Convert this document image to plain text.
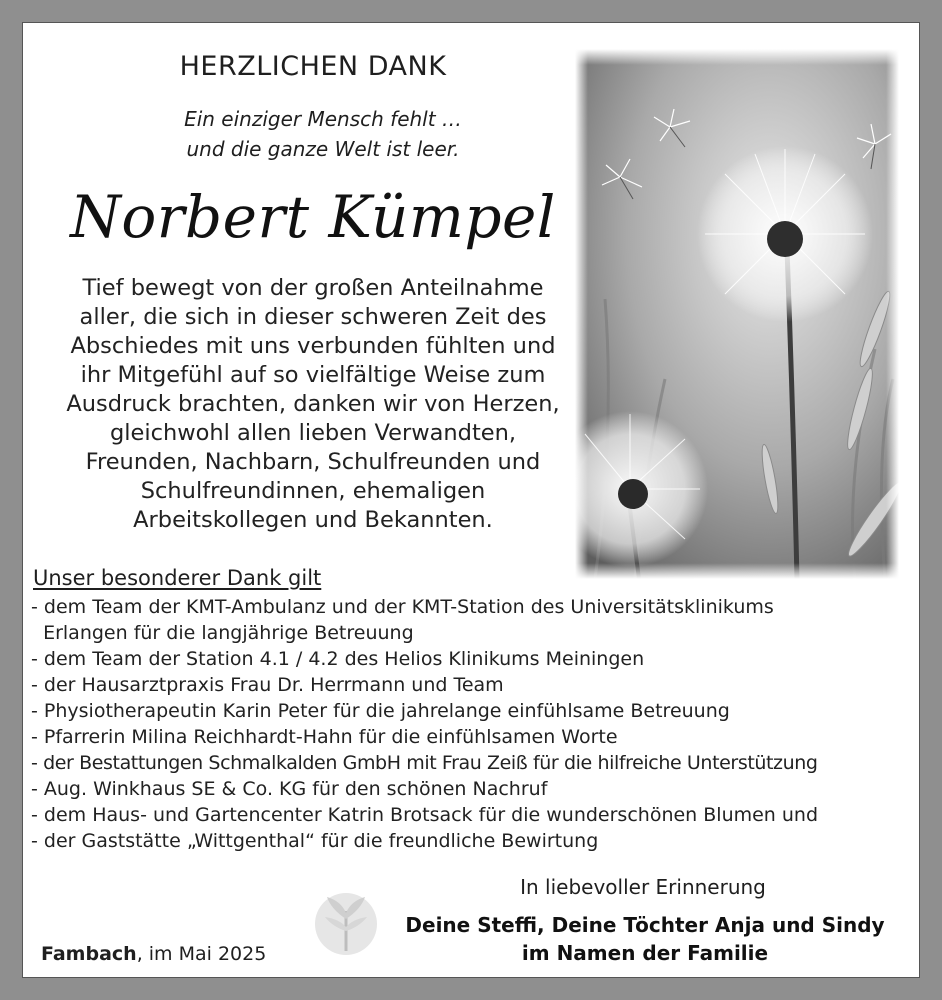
HERZLICHEN DANK

Ein einziger Mensch fehlt …

und die ganze Welt ist leer.

Norbert Kümpel

Tief bewegt von der großen Anteilnahme

aller, die sich in dieser schweren Zeit des

Abschiedes mit uns verbunden fühlten und

ihr Mitgefühl auf so vielfältige Weise zum

Ausdruck brachten, danken wir von Herzen,

gleichwohl allen lieben Verwandten,

Freunden, Nachbarn, Schulfreunden und

Schulfreundinnen, ehemaligen

Arbeitskollegen und Bekannten.

Unser besonderer Dank gilt

- dem Team der KMT-Ambulanz und der KMT-Station des Universitätsklinikums

Erlangen für die langjährige Betreuung

- dem Team der Station 4.1 / 4.2 des Helios Klinikums Meiningen

- der Hausarztpraxis Frau Dr. Herrmann und Team

- Physiotherapeutin Karin Peter für die jahrelange einfühlsame Betreuung

- Pfarrerin Milina Reichhardt-Hahn für die einfühlsamen Worte

- der Bestattungen Schmalkalden GmbH mit Frau Zeiß für die hilfreiche Unterstützung

- Aug. Winkhaus SE & Co. KG für den schönen Nachruf

- dem Haus- und Gartencenter Katrin Brotsack für die wunderschönen Blumen und

- der Gaststätte „Wittgenthal“ für die freundliche Bewirtung

In liebevoller Erinnerung

Deine Steffi, Deine Töchter Anja und Sindy

im Namen der Familie

Fambach, im Mai 2025
